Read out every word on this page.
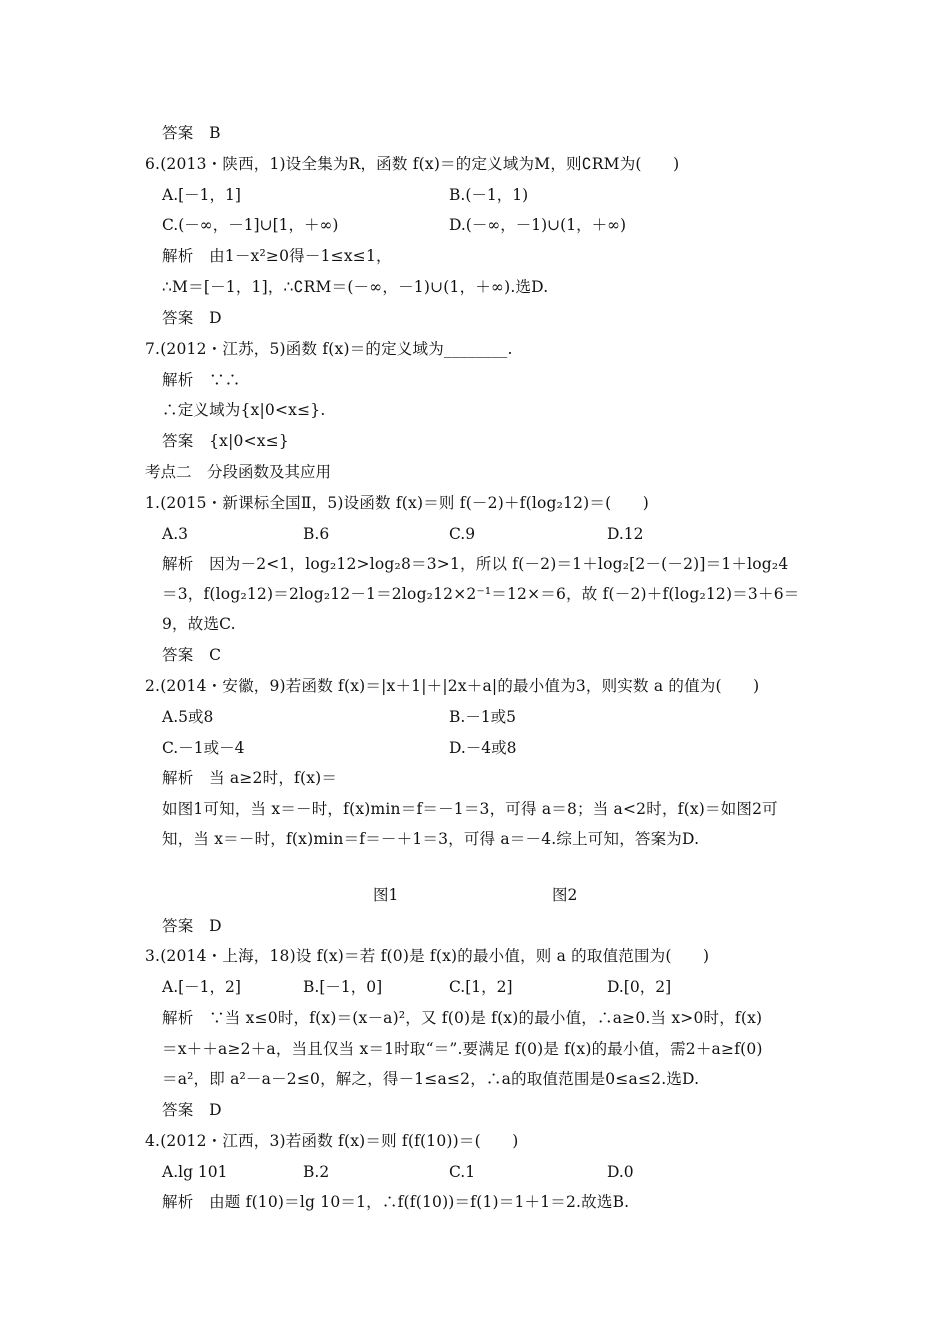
答案　B
6.(2013・陕西，1)设全集为R，函数 f(x)＝的定义域为M，则∁RM为(　　)
A.[－1，1]	B.(－1，1)
C.(－∞，－1]∪[1，＋∞)	D.(－∞，－1)∪(1，＋∞)
解析　由1－x²≥0得－1≤x≤1，
∴M＝[－1，1]，∴∁RM＝(－∞，－1)∪(1，＋∞).选D.
答案　D
7.(2012・江苏，5)函数 f(x)＝的定义域为________.
解析　∵∴
∴定义域为{x|0<x≤}.
答案　{x|0<x≤}
考点二　分段函数及其应用
1.(2015・新课标全国Ⅱ，5)设函数 f(x)＝则 f(－2)＋f(log₂12)＝(　　)
A.3	B.6	C.9	D.12
解析　因为－2<1，log₂12>log₂8＝3>1，所以 f(－2)＝1＋log₂[2－(－2)]＝1＋log₂4
＝3，f(log₂12)＝2log₂12－1＝2log₂12×2⁻¹＝12×＝6，故 f(－2)＋f(log₂12)＝3＋6＝
9，故选C.
答案　C
2.(2014・安徽，9)若函数 f(x)＝|x＋1|＋|2x＋a|的最小值为3，则实数 a 的值为(　　)
A.5或8	B.－1或5
C.－1或－4	D.－4或8
解析　当 a≥2时，f(x)＝
如图1可知，当 x＝－时，f(x)min＝f＝－1＝3，可得 a＝8；当 a<2时，f(x)＝如图2可
知，当 x＝－时，f(x)min＝f＝－＋1＝3，可得 a＝－4.综上可知，答案为D.
图1	图2
答案　D
3.(2014・上海，18)设 f(x)＝若 f(0)是 f(x)的最小值，则 a 的取值范围为(　　)
A.[－1，2]	B.[－1，0]	C.[1，2]	D.[0，2]
解析　∵当 x≤0时，f(x)＝(x－a)²，又 f(0)是 f(x)的最小值，∴a≥0.当 x>0时，f(x)
＝x＋＋a≥2＋a，当且仅当 x＝1时取“＝”.要满足 f(0)是 f(x)的最小值，需2＋a≥f(0)
＝a²，即 a²－a－2≤0，解之，得－1≤a≤2，∴a的取值范围是0≤a≤2.选D.
答案　D
4.(2012・江西，3)若函数 f(x)＝则 f(f(10))＝(　　)
A.lg 101	B.2	C.1	D.0
解析　由题 f(10)＝lg 10＝1，∴f(f(10))＝f(1)＝1＋1＝2.故选B.
